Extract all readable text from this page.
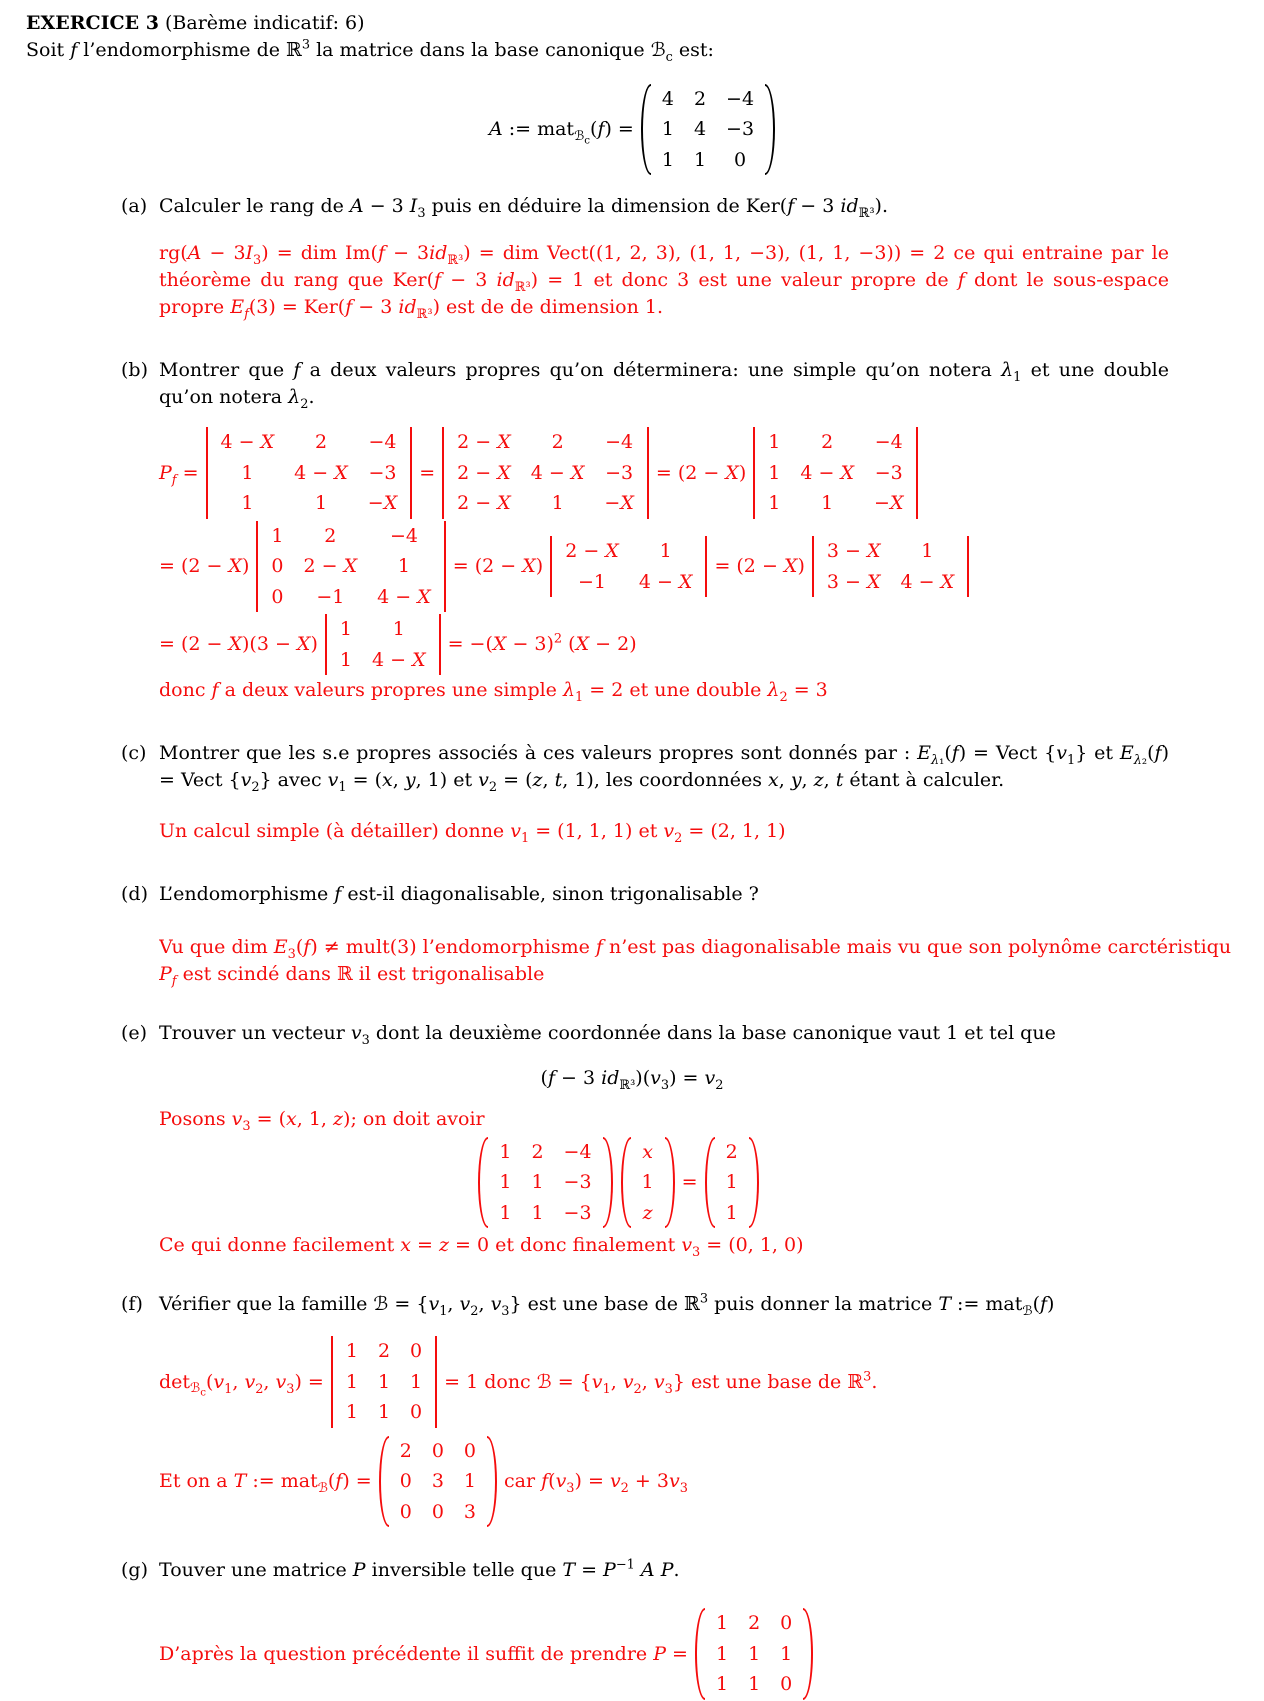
EXERCICE 3 (Barème indicatif: 6)

Soit f l’endomorphisme de ℝ$^3$ la matrice dans la base canonique ℬ$_c$ est:

A := mat$_{ℬ_c}$(f) =
4	2	−4
1	4	−3
1	1	0
(a) Calculer le rang de A − 3 $I_3$ puis en déduire la dimension de Ker(f − 3 $id_{ℝ^3}$).
$rg(A - 3I_3)$ = dim $Im(f - 3id_{ℝ^3})$ = dim Vect((1, 2, 3), (1, 1, −3), (1, 1, −3)) = 2 ce qui entraine par le théorème du rang que Ker(f − 3 $id_{ℝ^3}) = 1$ et donc 3 est une valeur propre de f dont le sous-espace propre $E_f(3) = Ker(f - 3$ $id_{ℝ^3}$) est de de dimension 1.
(b) Montrer que f a deux valeurs propres qu’on déterminera: une simple qu’on notera $\lambda_1$ et une double qu’on notera $\lambda_2$.
$P_f$ =
4 − X	2	−4
1	4 − X	−3
1	1	−X
=
2 − X	2	−4
2 − X	4 − X	−3
2 − X	1	−X
= (2 − X)
1	2	−4
1	4 − X	−3
1	1	−X
= (2 − X)
1	2	−4
0	2 − X	1
0	−1	4 − X
= (2 − X)
2 − X	1
−1	4 − X
= (2 − X)
3 − X	1
3 − X	4 − X
= (2 − X)(3 − X)
1	1
1	4 − X
= $-(X - 3)^2$ (X − 2)
donc f a deux valeurs propres une simple $\lambda_1 = 2$ et une double $\lambda_2 = 3$
(c) Montrer que les s.e propres associés à ces valeurs propres sont donnés par : $E_{\lambda_1}(f)$ = Vect $\{v_1\}$ et $E_{\lambda_2}(f)$ = Vect $\{v_2\}$ avec $v_1 = (x$, y, 1) et $v_2 = (z$, t, 1), les coordonnées x, y, z, t étant à calculer.
Un calcul simple (à détailler) donne $v_1 = (1$, 1, 1) et $v_2 = (2$, 1, 1)
(d) L’endomorphisme f est-il diagonalisable, sinon trigonalisable ?
Vu que dim $E_3(f)$ ≠ mult(3) l’endomorphisme f n’est pas diagonalisable mais vu que son polynôme carctéristiqu
$P_f$ est scindé dans ℝ il est trigonalisable
(e) Trouver un vecteur $v_3$ dont la deuxième coordonnée dans la base canonique vaut 1 et tel que
(f − 3 $id_{ℝ^3})(v_3) = v_2$
Posons $v_3 = (x$, 1, z); on doit avoir
1	2	−4
1	1	−3
1	1	−3
x
1
z
=
2
1
1
Ce qui donne facilement x = z = 0 et donc finalement $v_3 = (0$, 1, 0)
(f) Vérifier que la famille ℬ = {$v_1$, $v_2$, $v_3$} est une base de ℝ$^3$ puis donner la matrice T := mat$_ℬ$(f)
$\det_{ℬ_c}(v_1$, $v_2$, $v_3$) =
1	2	0
1	1	1
1	1	0
= 1 donc ℬ = {$v_1$, $v_2$, $v_3$} est une base de ℝ$^3$.
Et on a T := mat$_ℬ$(f) =
2	0	0
0	3	1
0	0	3
car $f(v_3) = v_2 + 3v_3$
(g) Touver une matrice P inversible telle que $T = P^{-1}$ A P.
D’après la question précédente il suffit de prendre P =
1	2	0
1	1	1
1	1	0
